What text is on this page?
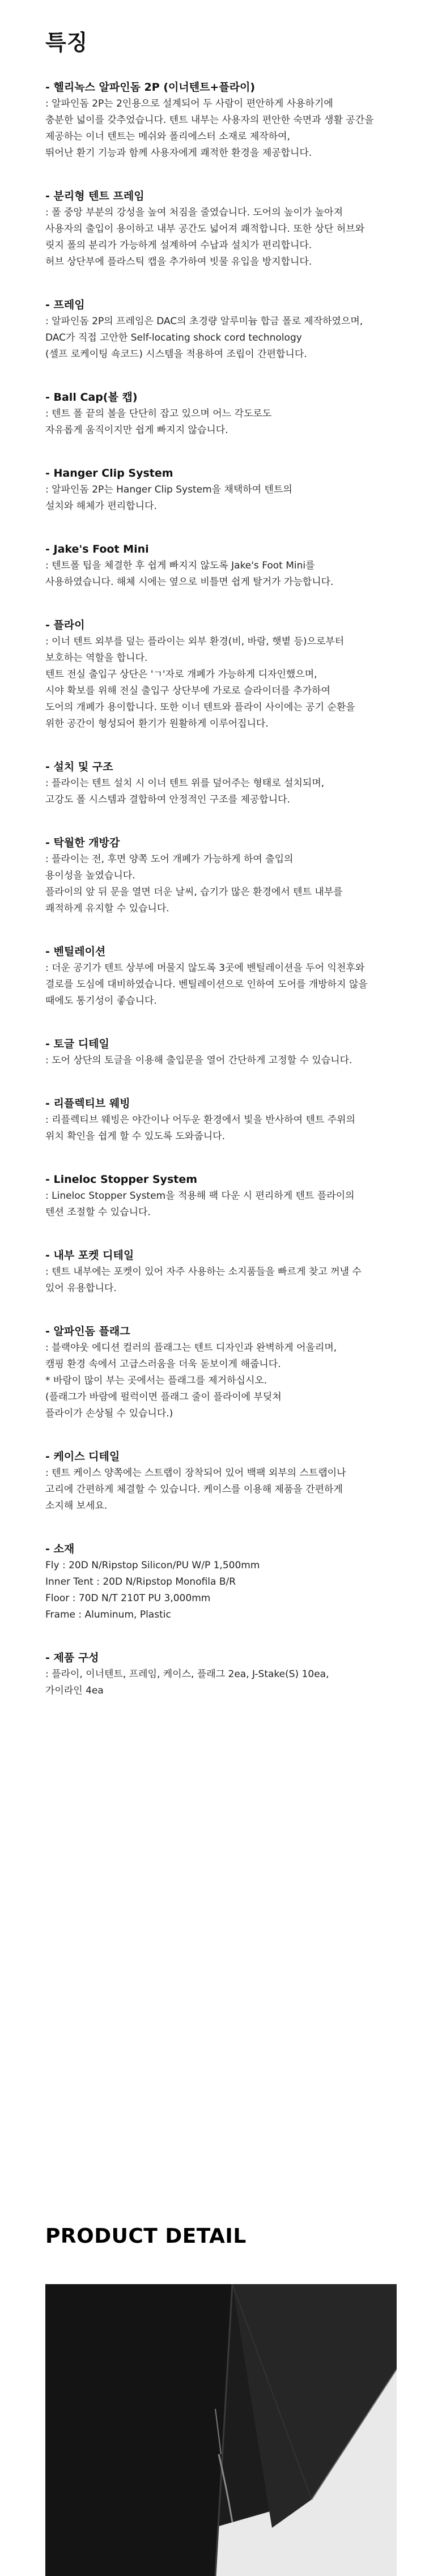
특징

- 헬리녹스 알파인돔 2P (이너텐트+플라이)

: 알파인돔 2P는 2인용으로 설계되어 두 사람이 편안하게 사용하기에

충분한 넓이를 갖추었습니다. 텐트 내부는 사용자의 편안한 숙면과 생활 공간을

제공하는 이너 텐트는 메쉬와 폴리에스터 소재로 제작하여,

뛰어난 환기 기능과 함께 사용자에게 쾌적한 환경을 제공합니다.

- 분리형 텐트 프레임

: 폴 중앙 부분의 강성을 높여 처짐을 줄였습니다. 도어의 높이가 높아져

사용자의 출입이 용이하고 내부 공간도 넓어져 쾌적합니다. 또한 상단 허브와

릿지 폴의 분리가 가능하게 설계하여 수납과 설치가 편리합니다.

허브 상단부에 플라스틱 캡을 추가하여 빗물 유입을 방지합니다.

- 프레임

: 알파인돔 2P의 프레임은 DAC의 초경량 알루미늄 합금 폴로 제작하였으며,

DAC가 직접 고안한 Self-locating shock cord technology

(셀프 로케이팅 쇽코드) 시스템을 적용하여 조립이 간편합니다.

- Ball Cap(볼 캡)

: 텐트 폴 끝의 볼을 단단히 잡고 있으며 어느 각도로도

자유롭게 움직이지만 쉽게 빠지지 않습니다.

- Hanger Clip System

: 알파인돔 2P는 Hanger Clip System을 채택하여 텐트의

설치와 해체가 편리합니다.

- Jake's Foot Mini

: 텐트폴 팁을 체결한 후 쉽게 빠지지 않도록 Jake's Foot Mini를

사용하였습니다. 해체 시에는 옆으로 비틀면 쉽게 탈거가 가능합니다.

- 플라이

: 이너 텐트 외부를 덮는 플라이는 외부 환경(비, 바람, 햇볕 등)으로부터

보호하는 역할을 합니다.

텐트 전실 출입구 상단은 'ㄱ'자로 개폐가 가능하게 디자인했으며,

시야 확보를 위해 전실 출입구 상단부에 가로로 슬라이더를 추가하여

도어의 개폐가 용이합니다. 또한 이너 텐트와 플라이 사이에는 공기 순환을

위한 공간이 형성되어 환기가 원활하게 이루어집니다.

- 설치 및 구조

: 플라이는 텐트 설치 시 이너 텐트 위를 덮어주는 형태로 설치되며,

고강도 폴 시스템과 결합하여 안정적인 구조를 제공합니다.

- 탁월한 개방감

: 플라이는 전, 후면 양쪽 도어 개폐가 가능하게 하여 출입의

용이성을 높였습니다.

플라이의 앞 뒤 문을 열면 더운 날씨, 습기가 많은 환경에서 텐트 내부를

쾌적하게 유지할 수 있습니다.

- 벤틸레이션

: 더운 공기가 텐트 상부에 머물지 않도록 3곳에 벤틸레이션을 두어 익천후와

결로를 도심에 대비하였습니다. 벤틸레이션으로 인하여 도어를 개방하지 않을

때에도 통기성이 좋습니다.

- 토글 디테일

: 도어 상단의 토글을 이용해 출입문을 열어 간단하게 고정할 수 있습니다.

- 리플렉티브 웨빙

: 리플렉티브 웨빙은 야간이나 어두운 환경에서 빛을 반사하여 텐트 주위의

위치 확인을 쉽게 할 수 있도록 도와줍니다.

- Lineloc Stopper System

: Lineloc Stopper System을 적용해 팩 다운 시 편리하게 텐트 플라이의

텐션 조절할 수 있습니다.

- 내부 포켓 디테일

: 텐트 내부에는 포켓이 있어 자주 사용하는 소지품들을 빠르게 찾고 꺼낼 수

있어 유용합니다.

- 알파인돔 플래그

: 블랙야웃 에디션 컬러의 플래그는 텐트 디자인과 완벽하게 어울리며,

캠핑 환경 속에서 고급스러움을 더욱 돋보이게 해줍니다.

* 바람이 많이 부는 곳에서는 플래그를 제거하십시오.

(플래그가 바람에 펄럭이면 플래그 줄이 플라이에 부딪쳐

플라이가 손상될 수 있습니다.)

- 케이스 디테일

: 텐트 케이스 양쪽에는 스트랩이 장착되어 있어 백팩 외부의 스트랩이나

고리에 간편하게 체결할 수 있습니다. 케이스를 이용해 제품을 간편하게

소지해 보세요.

- 소재

Fly : 20D N/Ripstop Silicon/PU W/P 1,500mm

Inner Tent : 20D N/Ripstop Monofila B/R

Floor : 70D N/T 210T PU 3,000mm

Frame : Aluminum, Plastic

- 제품 구성

: 플라이, 이너텐트, 프레임, 케이스, 플래그 2ea, J-Stake(S) 10ea,

가이라인 4ea

PRODUCT DETAIL
